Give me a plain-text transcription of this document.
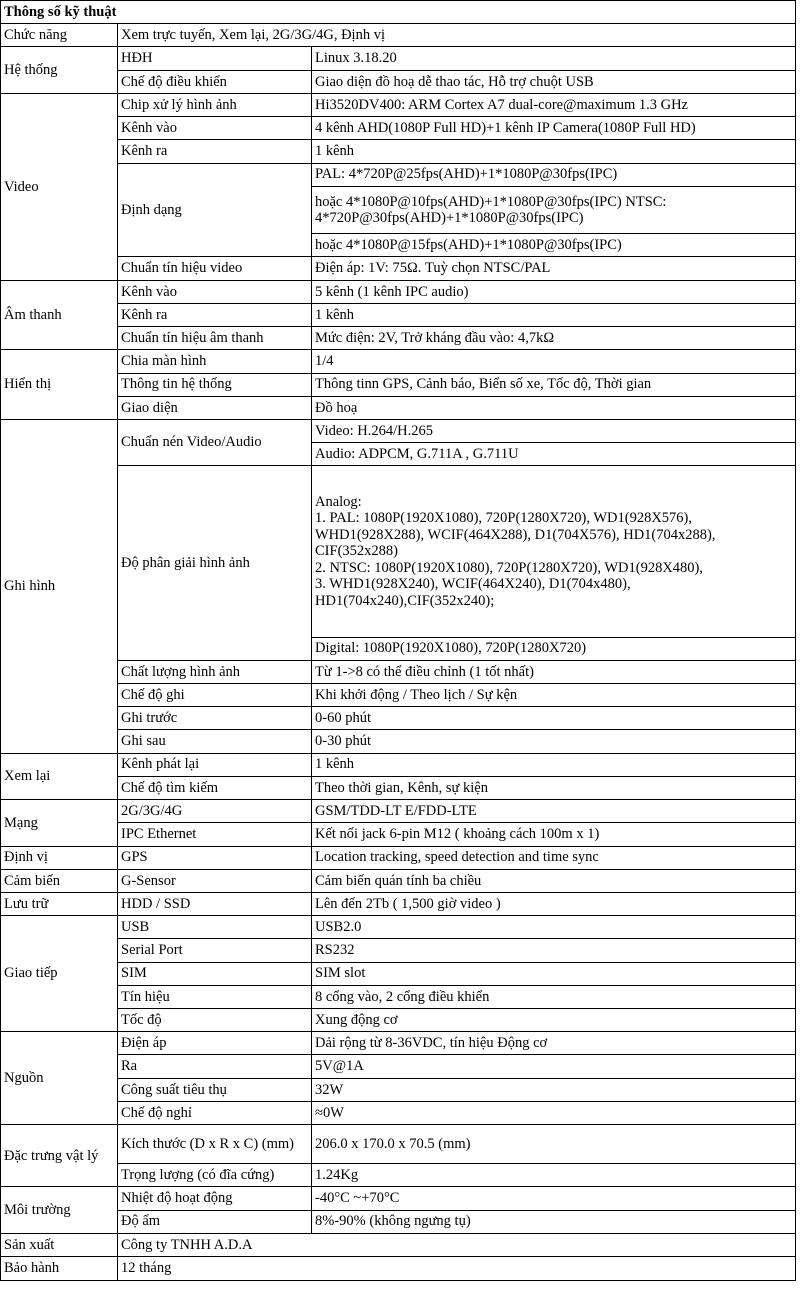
Thông số kỹ thuật		
Chức năng	Xem trực tuyến, Xem lại, 2G/3G/4G, Định vị	
Hệ thống	HĐH	Linux 3.18.20
	Chế độ điều khiển	Giao diện đồ hoạ dễ thao tác, Hỗ trợ chuột USB
Video	Chip xử lý hình ảnh	Hi3520DV400: ARM Cortex A7 dual-core@maximum 1.3 GHz
	Kênh vào	4 kênh AHD(1080P Full HD)+1 kênh IP Camera(1080P Full HD)
	Kênh ra	1 kênh
	Định dạng	PAL: 4*720P@25fps(AHD)+1*1080P@30fps(IPC)
		hoặc 4*1080P@10fps(AHD)+1*1080P@30fps(IPC) NTSC: 4*720P@30fps(AHD)+1*1080P@30fps(IPC)
		hoặc 4*1080P@15fps(AHD)+1*1080P@30fps(IPC)
	Chuẩn tín hiệu video	Điện áp: 1V: 75Ω. Tuỳ chọn NTSC/PAL
Âm thanh	Kênh vào	5 kênh (1 kênh IPC audio)
	Kênh ra	1 kênh
	Chuẩn tín hiệu âm thanh	Mức điện: 2V, Trở kháng đầu vào: 4,7kΩ
Hiển thị	Chia màn hình	1/4
	Thông tin hệ thống	Thông tinn GPS, Cảnh báo, Biển số xe, Tốc độ, Thời gian
	Giao diện	Đồ hoạ
Ghi hình	Chuẩn nén Video/Audio	Video: H.264/H.265
		Audio: ADPCM, G.711A , G.711U
	Độ phân giải hình ảnh	Analog:
1. PAL: 1080P(1920X1080), 720P(1280X720), WD1(928X576), WHD1(928X288), WCIF(464X288), D1(704X576), HD1(704x288), CIF(352x288)
2. NTSC: 1080P(1920X1080), 720P(1280X720), WD1(928X480),
3. WHD1(928X240), WCIF(464X240), D1(704x480), HD1(704x240),CIF(352x240);
		Digital: 1080P(1920X1080), 720P(1280X720)
	Chất lượng hình ảnh	Từ 1->8 có thể điều chỉnh (1 tốt nhất)
	Chế độ ghi	Khi khởi động / Theo lịch / Sự kện
	Ghi trước	0-60 phút
	Ghi sau	0-30 phút
Xem lại	Kênh phát lại	1 kênh
	Chế độ tìm kiếm	Theo thời gian, Kênh, sự kiện
Mạng	2G/3G/4G	GSM/TDD-LT E/FDD-LTE
	IPC Ethernet	Kết nối jack 6-pin M12 ( khoảng cách 100m x 1)
Định vị	GPS	Location tracking, speed detection and time sync
Cảm biến	G-Sensor	Cảm biến quán tính ba chiều
Lưu trữ	HDD / SSD	Lên đến 2Tb ( 1,500 giờ video )
Giao tiếp	USB	USB2.0
	Serial Port	RS232
	SIM	SIM slot
	Tín hiệu	8 cổng vào, 2 cổng điều khiển
	Tốc độ	Xung động cơ
Nguồn	Điện áp	Dải rộng từ 8-36VDC, tín hiệu Động cơ
	Ra	5V@1A
	Công suất tiêu thụ	32W
	Chế độ nghỉ	≈0W
Đặc trưng vật lý	Kích thước (D x R x C) (mm)	206.0 x 170.0 x 70.5 (mm)
	Trọng lượng (có đĩa cứng)	1.24Kg
Môi trường	Nhiệt độ hoạt động	-40°C ~+70°C
	Độ ẩm	8%-90% (không ngưng tụ)
Sản xuất	Công ty TNHH A.D.A	
Bảo hành	12 tháng	
